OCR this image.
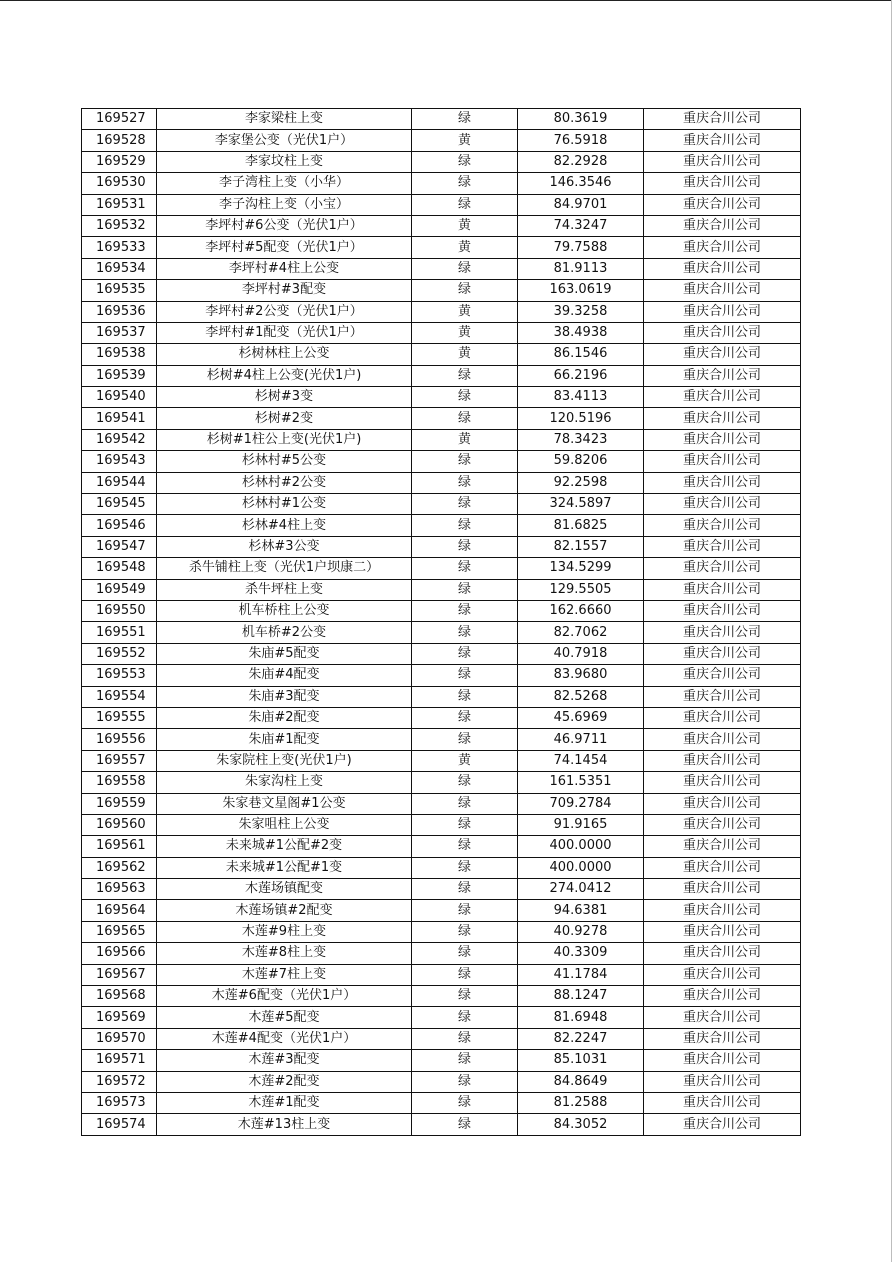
169527	李家梁柱上变	绿	80.3619	重庆合川公司
169528	李家堡公变（光伏1户）	黄	76.5918	重庆合川公司
169529	李家坟柱上变	绿	82.2928	重庆合川公司
169530	李子湾柱上变（小华）	绿	146.3546	重庆合川公司
169531	李子沟柱上变（小宝）	绿	84.9701	重庆合川公司
169532	李坪村#6公变（光伏1户）	黄	74.3247	重庆合川公司
169533	李坪村#5配变（光伏1户）	黄	79.7588	重庆合川公司
169534	李坪村#4柱上公变	绿	81.9113	重庆合川公司
169535	李坪村#3配变	绿	163.0619	重庆合川公司
169536	李坪村#2公变（光伏1户）	黄	39.3258	重庆合川公司
169537	李坪村#1配变（光伏1户）	黄	38.4938	重庆合川公司
169538	杉树林柱上公变	黄	86.1546	重庆合川公司
169539	杉树#4柱上公变(光伏1户)	绿	66.2196	重庆合川公司
169540	杉树#3变	绿	83.4113	重庆合川公司
169541	杉树#2变	绿	120.5196	重庆合川公司
169542	杉树#1柱公上变(光伏1户)	黄	78.3423	重庆合川公司
169543	杉林村#5公变	绿	59.8206	重庆合川公司
169544	杉林村#2公变	绿	92.2598	重庆合川公司
169545	杉林村#1公变	绿	324.5897	重庆合川公司
169546	杉林#4柱上变	绿	81.6825	重庆合川公司
169547	杉林#3公变	绿	82.1557	重庆合川公司
169548	杀牛铺柱上变（光伏1户坝康二）	绿	134.5299	重庆合川公司
169549	杀牛坪柱上变	绿	129.5505	重庆合川公司
169550	机车桥柱上公变	绿	162.6660	重庆合川公司
169551	机车桥#2公变	绿	82.7062	重庆合川公司
169552	朱庙#5配变	绿	40.7918	重庆合川公司
169553	朱庙#4配变	绿	83.9680	重庆合川公司
169554	朱庙#3配变	绿	82.5268	重庆合川公司
169555	朱庙#2配变	绿	45.6969	重庆合川公司
169556	朱庙#1配变	绿	46.9711	重庆合川公司
169557	朱家院柱上变(光伏1户)	黄	74.1454	重庆合川公司
169558	朱家沟柱上变	绿	161.5351	重庆合川公司
169559	朱家巷文星阁#1公变	绿	709.2784	重庆合川公司
169560	朱家咀柱上公变	绿	91.9165	重庆合川公司
169561	未来城#1公配#2变	绿	400.0000	重庆合川公司
169562	未来城#1公配#1变	绿	400.0000	重庆合川公司
169563	木莲场镇配变	绿	274.0412	重庆合川公司
169564	木莲场镇#2配变	绿	94.6381	重庆合川公司
169565	木莲#9柱上变	绿	40.9278	重庆合川公司
169566	木莲#8柱上变	绿	40.3309	重庆合川公司
169567	木莲#7柱上变	绿	41.1784	重庆合川公司
169568	木莲#6配变（光伏1户）	绿	88.1247	重庆合川公司
169569	木莲#5配变	绿	81.6948	重庆合川公司
169570	木莲#4配变（光伏1户）	绿	82.2247	重庆合川公司
169571	木莲#3配变	绿	85.1031	重庆合川公司
169572	木莲#2配变	绿	84.8649	重庆合川公司
169573	木莲#1配变	绿	81.2588	重庆合川公司
169574	木莲#13柱上变	绿	84.3052	重庆合川公司
